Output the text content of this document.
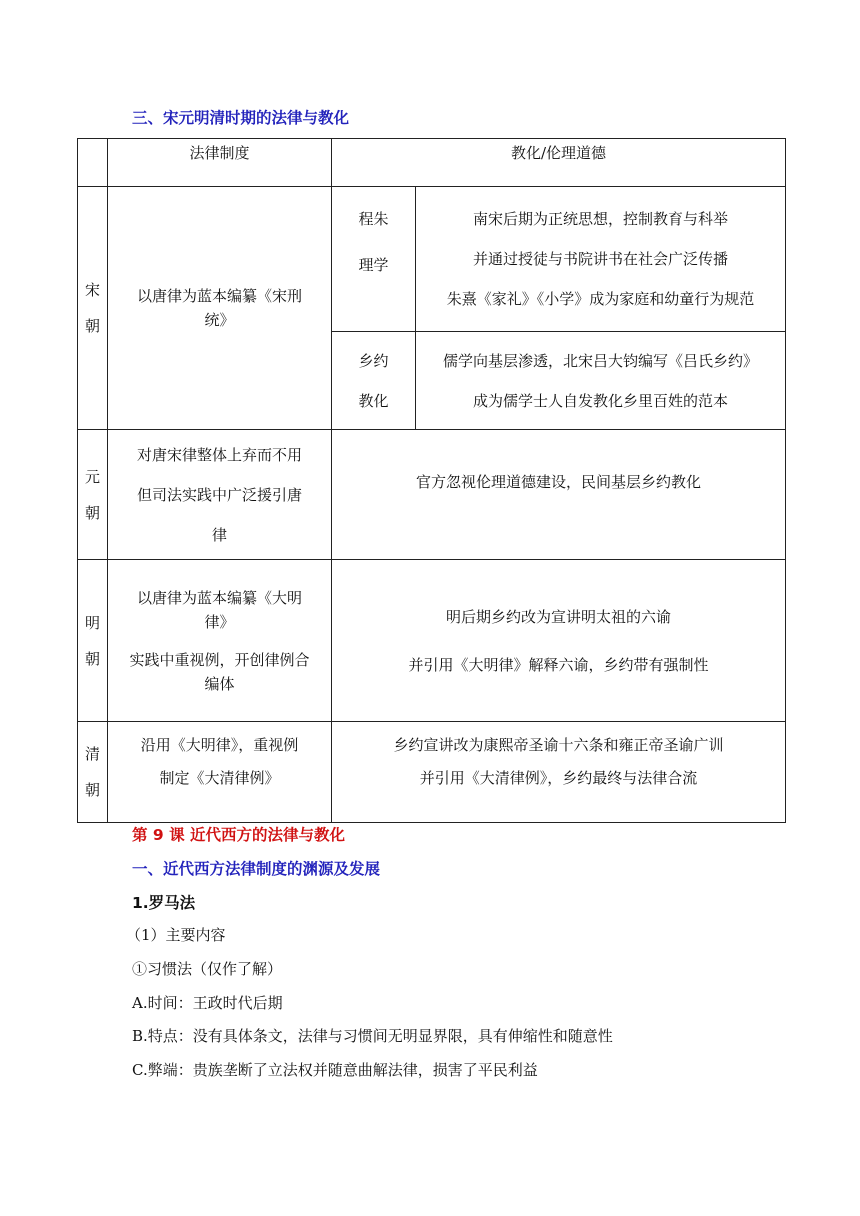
三、宋元明清时期的法律与教化
	法律制度	教化/伦理道德	

宋
朝	以唐律为蓝本编纂《宋刑
统》	程朱
理学	南宋后期为正统思想，控制教育与科举
并通过授徒与书院讲书在社会广泛传播
朱熹《家礼》《小学》成为家庭和幼童行为规范

		乡约
教化	儒学向基层渗透，北宋吕大钧编写《吕氏乡约》
成为儒学士人自发教化乡里百姓的范本

元
朝	对唐宋律整体上弃而不用
但司法实践中广泛援引唐
律	官方忽视伦理道德建设，民间基层乡约教化	

明
朝	以唐律为蓝本编纂《大明
律》
实践中重视例，开创律例合
编体	明后期乡约改为宣讲明太祖的六谕
并引用《大明律》解释六谕，乡约带有强制性	

清
朝	沿用《大明律》，重视例
制定《大清律例》	乡约宣讲改为康熙帝圣谕十六条和雍正帝圣谕广训
并引用《大清律例》，乡约最终与法律合流	
第 9 课 近代西方的法律与教化
一、近代西方法律制度的渊源及发展
1.罗马法
（1）主要内容
①习惯法（仅作了解）
A.时间：王政时代后期
B.特点：没有具体条文，法律与习惯间无明显界限，具有伸缩性和随意性
C.弊端：贵族垄断了立法权并随意曲解法律，损害了平民利益
